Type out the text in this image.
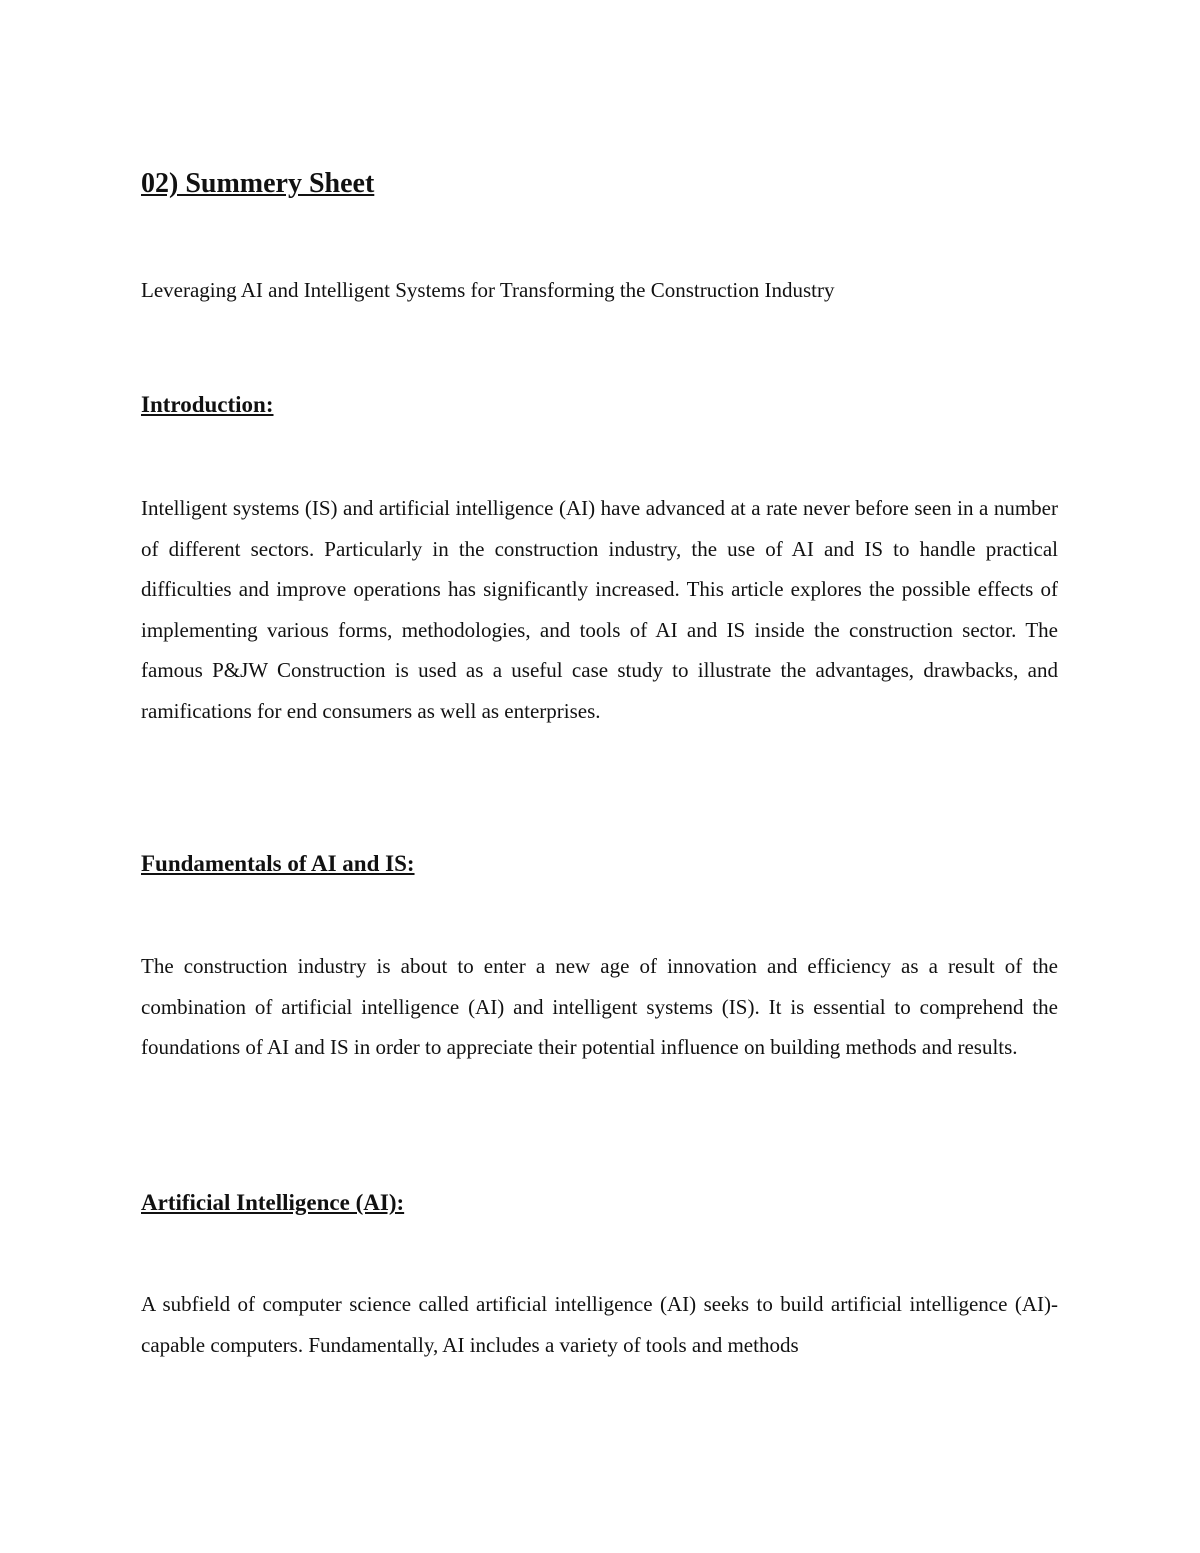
02) Summery Sheet

Leveraging AI and Intelligent Systems for Transforming the Construction Industry

Introduction:

Intelligent systems (IS) and artificial intelligence (AI) have advanced at a rate never before seen in a number of different sectors. Particularly in the construction industry, the use of AI and IS to handle practical difficulties and improve operations has significantly increased. This article explores the possible effects of implementing various forms, methodologies, and tools of AI and IS inside the construction sector. The famous P&JW Construction is used as a useful case study to illustrate the advantages, drawbacks, and ramifications for end consumers as well as enterprises.

Fundamentals of AI and IS:

The construction industry is about to enter a new age of innovation and efficiency as a result of the combination of artificial intelligence (AI) and intelligent systems (IS). It is essential to comprehend the foundations of AI and IS in order to appreciate their potential influence on building methods and results.

Artificial Intelligence (AI):

A subfield of computer science called artificial intelligence (AI) seeks to build artificial intelligence (AI)-capable computers. Fundamentally, AI includes a variety of tools and methods
